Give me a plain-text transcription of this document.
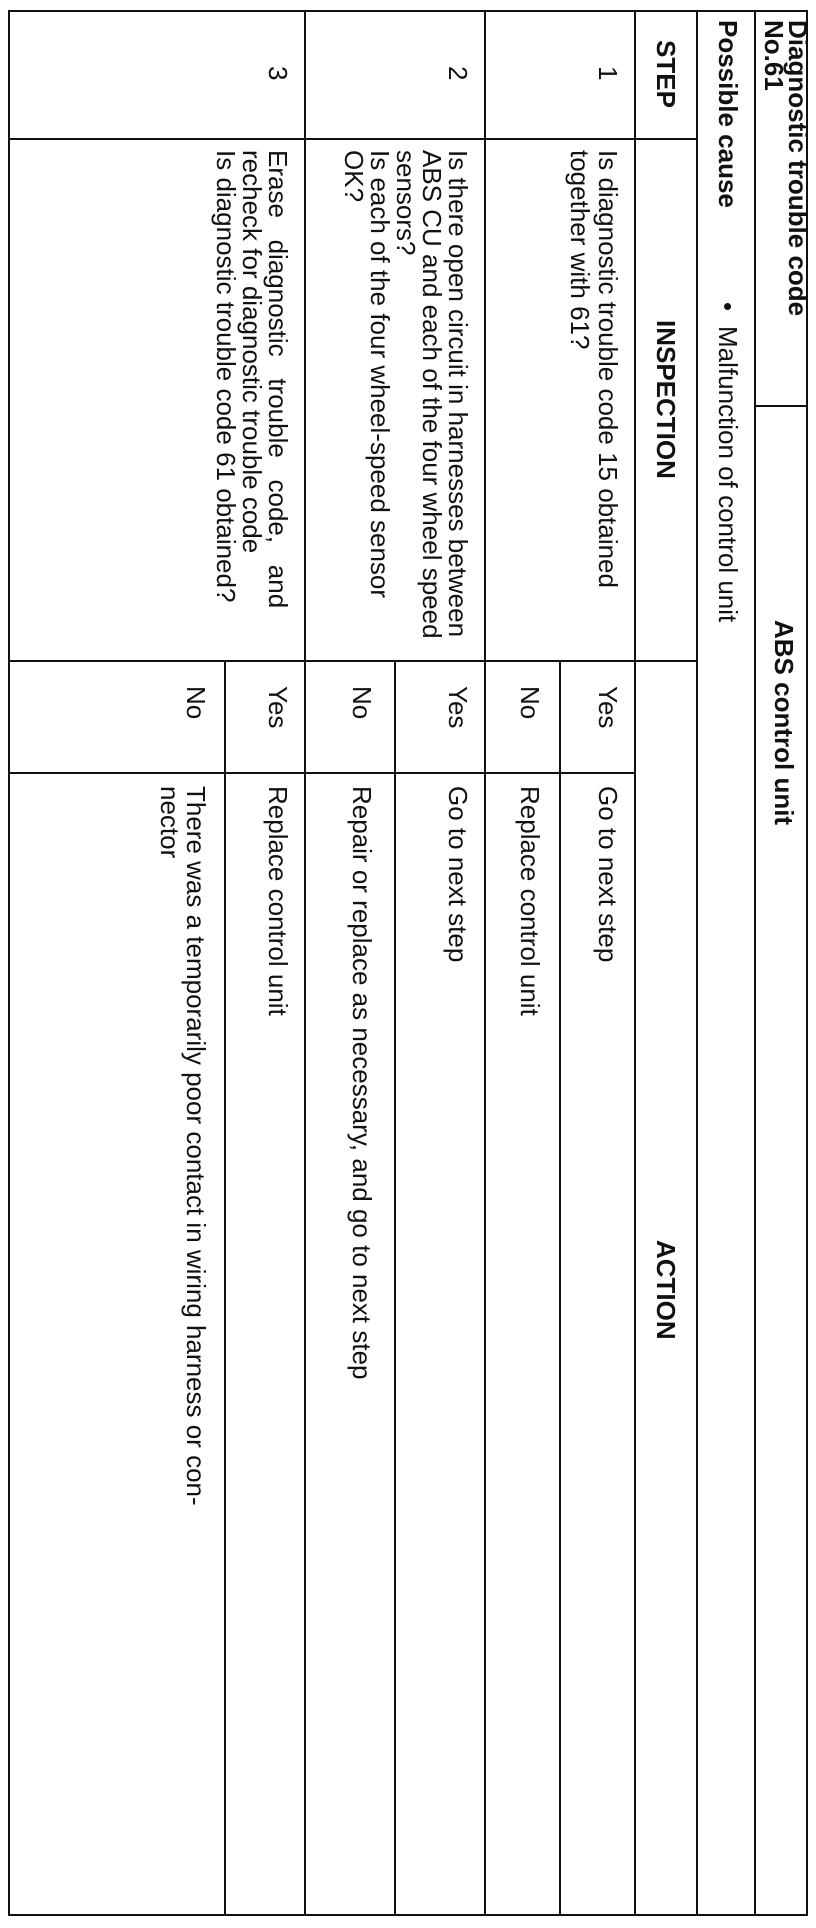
Diagnostic trouble code
No.61
ABS control unit
Possible cause
•
Malfunction of control unit
STEP
INSPECTION
ACTION
1
Is diagnostic trouble code 15 obtained
together with 61?
Yes
Go to next step
No
Replace control unit
2
Is there open circuit in harnesses between
ABS CU and each of the four wheel speed
sensors?
Is each of the four wheel-speed sensor
OK?
Yes
Go to next step
No
Repair or replace as necessary, and go to next step
3
Erase   diagnostic   trouble   code,   and
recheck for diagnostic trouble code
Is diagnostic trouble code 61 obtained?
Yes
Replace control unit
No
There was a temporarily poor contact in wiring harness or con-
nector
